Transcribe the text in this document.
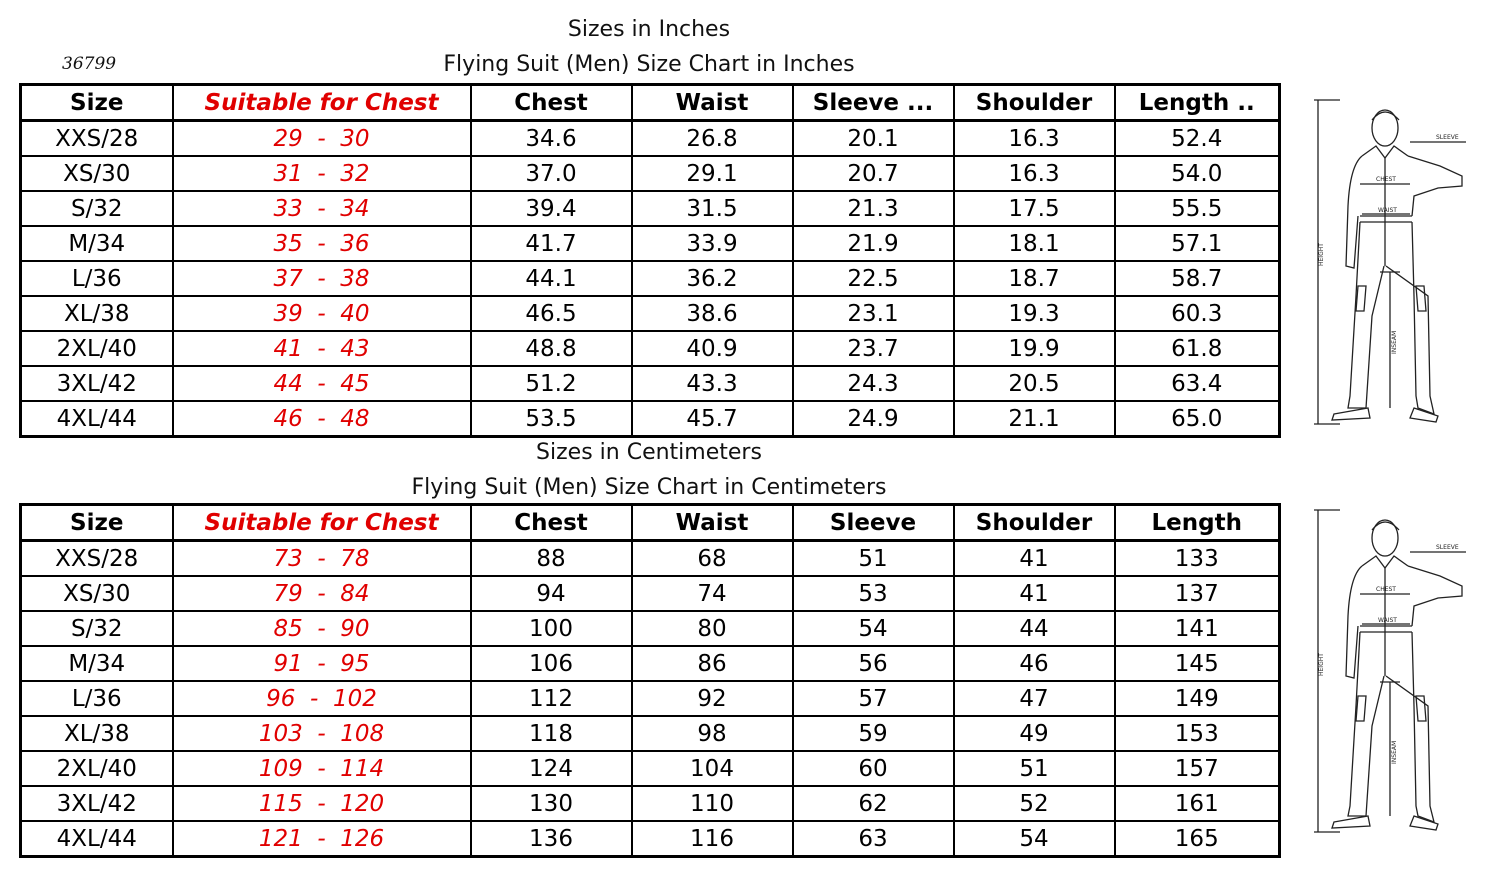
Sizes in Inches
Flying Suit (Men) Size Chart in Inches
36799
Size	Suitable for Chest	Chest	Waist	Sleeve ...	Shoulder	Length ..
XXS/28	29  -  30	34.6	26.8	20.1	16.3	52.4
XS/30	31  -  32	37.0	29.1	20.7	16.3	54.0
S/32	33  -  34	39.4	31.5	21.3	17.5	55.5
M/34	35  -  36	41.7	33.9	21.9	18.1	57.1
L/36	37  -  38	44.1	36.2	22.5	18.7	58.7
XL/38	39  -  40	46.5	38.6	23.1	19.3	60.3
2XL/40	41  -  43	48.8	40.9	23.7	19.9	61.8
3XL/42	44  -  45	51.2	43.3	24.3	20.5	63.4
4XL/44	46  -  48	53.5	45.7	24.9	21.1	65.0
Sizes in Centimeters
Flying Suit (Men) Size Chart in Centimeters
Size	Suitable for Chest	Chest	Waist	Sleeve	Shoulder	Length
XXS/28	73  -  78	88	68	51	41	133
XS/30	79  -  84	94	74	53	41	137
S/32	85  -  90	100	80	54	44	141
M/34	91  -  95	106	86	56	46	145
L/36	96  -  102	112	92	57	47	149
XL/38	103  -  108	118	98	59	49	153
2XL/40	109  -  114	124	104	60	51	157
3XL/42	115  -  120	130	110	62	52	161
4XL/44	121  -  126	136	116	63	54	165
SLEEVE
CHEST
WAIST
HEIGHT
INSEAM
SLEEVE
CHEST
WAIST
HEIGHT
INSEAM
